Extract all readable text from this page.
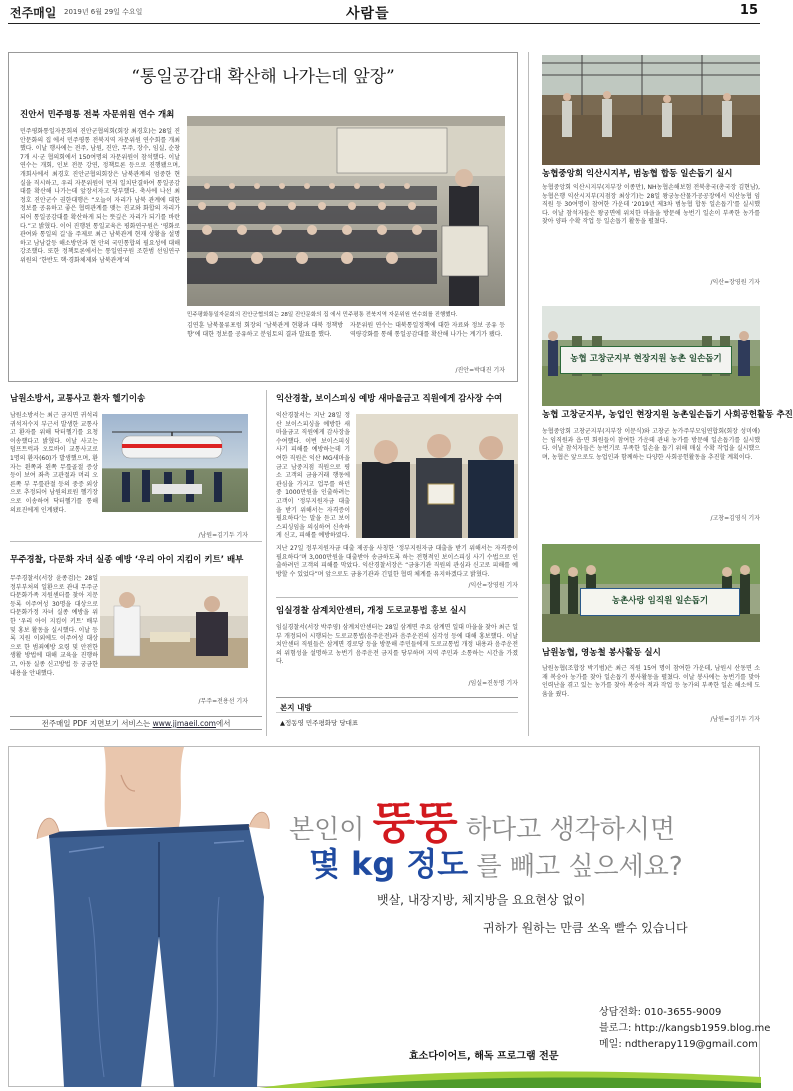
전주매일 2019년 6월 29일 수요일	사람들	15
“통일공감대 확산해 나가는데 앞장”
진안서 민주평통 전북 자문위원 연수 개최
민주평화통일자문회의 진안군협의회(회장 최경호)는 28일 진안문화의 집 에서 민주평통 전북지역 자문위원 연수회를 개최했다. 이날 행사에는 전주, 남원, 진안, 무주, 장수, 임실, 순창 7개 시·군 협의회에서 150여명의 자문위원이 참석했다. 이날 연수는 개회, 인보 전문 강연, 정책토론 등으로 진행됐으며, 개회사에서 최경호 진안군협의회장은 남북관계의 엄중한 현실을 직시하고, 우리 자문위원이 먼저 일치단결하여 통일공감대를 확산해 나가는데 앞장서자고 당부했다. 축사에 나선 최정호 진안군수 권한대행은 “오늘이 자리가 남북 관계에 대한 정보를 공유하고 좋은 협력관계를 맺는 진교와 화합의 자리가 되어 통일공감대를 확산하게 되는 뜻깊은 자리가 되기를 바란다.”고 밝혔다. 이어 진행된 통일교육은 평화연구원은 ‘평화로 관여와 통일의 길’을 주제로 최근 남북관계 현재 상황을 설명하고 남남갈등 해소방안과 현 안의 국민통합의 필요성에 대해 강조했다. 또한 정책토론에서는 통일연구원 조한범 선임연구위원의 ‘한반도 핵·경화체제와 남북관계’의
민주평화통일자문회의 진안군협의회는 28일 진안문화의 집 에서 민주평통 전북지역 자문위원 연수회를 진행했다.
김연훈 남북물류포럼 회장의 ‘남북관계 현황과 대북 정책방향’에 대한 정보를 공유하고 분임토의 결과 발표를 했다.
자문위원 연수는 대북통일정책에 대한 자료와 정보 공유 등 역량강화를 통해 통일공감대를 확산해 나가는 계기가 됐다.
/진안=박대진 기자
남원소방서, 교통사고 환자 헬기이송
남원소방서는 최근 금지면 귀석리 귀석저수지 부근서 발생한 교통사고 환자를 위해 닥터헬기를 요청 이송했다고 밝혔다. 이날 사고는 덤프트럭과 오토바이 교통사고로 1명의 환자(60)가 발생했으며, 환자는 왼쪽과 왼쪽 무릎골절 증상 등이 보여 좌측 고관절과 머리 오른쪽 부 무릎관절 등의 중증 외상으로 추정되어 남원의료원 헬기장으로 이송하여 닥터헬기를 통해 의료진에게 인계됐다.
/남원=김기두 기자
무주경찰, 다문화 자녀 실종 예방 ‘우리 아이 지킴이 키트’ 배부
무주경찰서(서장 윤종검)는 28일 정부부처의 일환으로 관내 무주군 다문화가족 지원센터를 찾아 지문 등록 이주여성 30명을 대상으로 다문화가정 자녀 실종 예방을 위한 ‘우리 아이 지킴이 키트’ 배부 및 홍보 활동을 실시했다. 이날 등록 지원 이외에도 이주여성 대상으로 한 범죄예방 요령 및 안전한 생활 방법에 대해 교육을 진행하고, 아동 실종 신고방법 등 궁금한 내용을 안내했다.
/무주=전용선 기자
전주매일 PDF 지면보기 서비스는 www.jjmaeil.com에서
익산경찰, 보이스피싱 예방 새마을금고 직원에게 감사장 수여
익산경찰서는 지난 28일 정산 보이스피싱을 예방한 새마을금고 직원에게 감사장을 수여했다. 이번 보이스피싱 사기 피해를 예방하는데 기여한 직원은 익산 MG새마을금고 남중지점 직원으로 평소 고객의 금융거래 행동에 관심을 가지고 업무를 하던 중 1000만원을 인출하려는 고객이 ‘정부지원자금 대출을 받기 위해서는 자격증이 필요하다’는 말을 듣고 보이스피싱임을 의심하여 신속하게 신고, 피해를 예방하였다.
지난 27일 정부지원자금 대출 제공을 사칭한 ‘정부지원자금 대출을 받기 위해서는 자격증이 필요하다’며 3,000만원을 대출받아 송금하도록 하는 전형적인 보이스피싱 사기 수법으로 인출하려던 고객의 피해를 막았다. 익산경찰서장은 “금융기관 직원의 관심과 신고로 피해를 예방할 수 있었다”며 앞으로도 금융기관과 긴밀한 협력 체계를 유지하겠다고 밝혔다.
/익산=장영원 기자
임실경찰 삼계치안센터, 개정 도로교통법 홍보 실시
임실경찰서(서장 박주영) 삼계치안센터는 28일 삼계면 주요 삼계면 일대 마을을 찾아 최근 일부 개정되어 시행되는 도로교통법(음주운전)과 음주운전의 심각성 등에 대해 홍보했다. 이날 치안센터 직원들은 삼계면 경로당 등을 방문해 주민들에게 도로교통법 개정 내용과 음주운전의 위험성을 설명하고 농번기 음주운전 금지를 당부하며 지역 주민과 소통하는 시간을 가졌다.
/임실=진동명 기자
본지 내방
▲정동영 민주평화당 당대표
농협중앙회 익산시지부, 범농협 합동 일손돕기 실시
농협중앙회 익산시지부(지부장 이종만), NH농협손해보험 전북총국(총국장 김현남), 농협은행 익산시지부(지점장 최상기)는 28일 왕궁농산물가공공장에서 익산농협 임직원 등 30여명이 참여한 가운데 ‘2019년 제3차 범농협 합동 일손돕기’를 실시했다. 이날 참석자들은 왕궁면에 위치한 마을을 방문해 농번기 일손이 부족한 농가를 찾아 양파 수확 작업 등 일손돕기 활동을 펼쳤다.
/익산=장영원 기자
농협 고창군지부 현장지원 농촌 일손돕기
농협 고창군지부, 농업인 현장지원 농촌일손돕기 사회공헌활동 추진
농협중앙회 고창군지부(지부장 이문식)와 고창군 농가주부모임연합회(회장 성미애)는 임직원과 읍·면 회원들이 참여한 가운데 관내 농가를 방문해 일손돕기를 실시했다. 이날 참석자들은 농번기로 부족한 일손을 돕기 위해 매실 수확 작업을 실시했으며, 농협은 앞으로도 농업인과 함께하는 다양한 사회공헌활동을 추진할 계획이다.
/고창=김영식 기자
농촌사랑 임직원 일손돕기
남원농협, 영농철 봉사활동 실시
남원농협(조합장 박기범)은 최근 직원 15여 명이 참여한 가운데, 남원시 산동면 소재 복숭아 농가를 찾아 일손돕기 봉사활동을 펼쳤다. 이날 봉사에는 농번기를 맞아 인력난을 겪고 있는 농가를 찾아 복숭아 적과 작업 등 농가의 부족한 일손 해소에 도움을 줬다.
/남원=김기두 기자
본인이 뚱뚱 하다고 생각하시면
몇 kg 정도 를 빼고 싶으세요?
뱃살, 내장지방, 체지방을 요요현상 없이
귀하가 원하는 만큼 쏘옥 빨수 있습니다
효소다이어트, 해독 프로그램 전문
상담전화: 010-3655-9009
블로그: http://kangsb1959.blog.me
메일: ndtherapy119@gmail.com
